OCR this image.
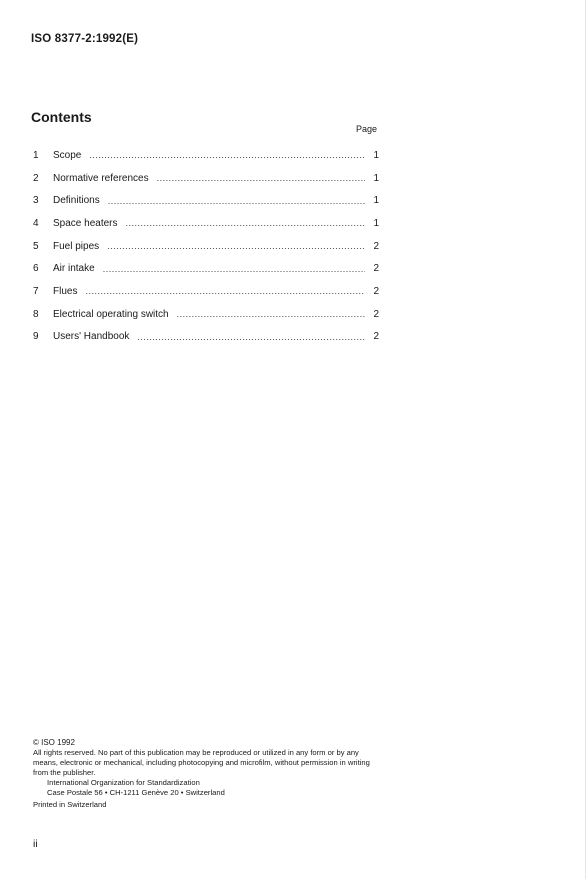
ISO 8377-2:1992(E)
Contents
Page
1	Scope .....	1
2	Normative references .....	1
3	Definitions .....	1
4	Space heaters .....	1
5	Fuel pipes .....	2
6	Air intake .....	2
7	Flues .....	2
8	Electrical operating switch .....	2
9	Users' Handbook .....	2

© ISO 1992

All rights reserved. No part of this publication may be reproduced or utilized in any form or by any means, electronic or mechanical, including photocopying and microfilm, without permission in writing from the publisher.

International Organization for Standardization

Case Postale 56 • CH-1211 Genève 20 • Switzerland

Printed in Switzerland

ii
